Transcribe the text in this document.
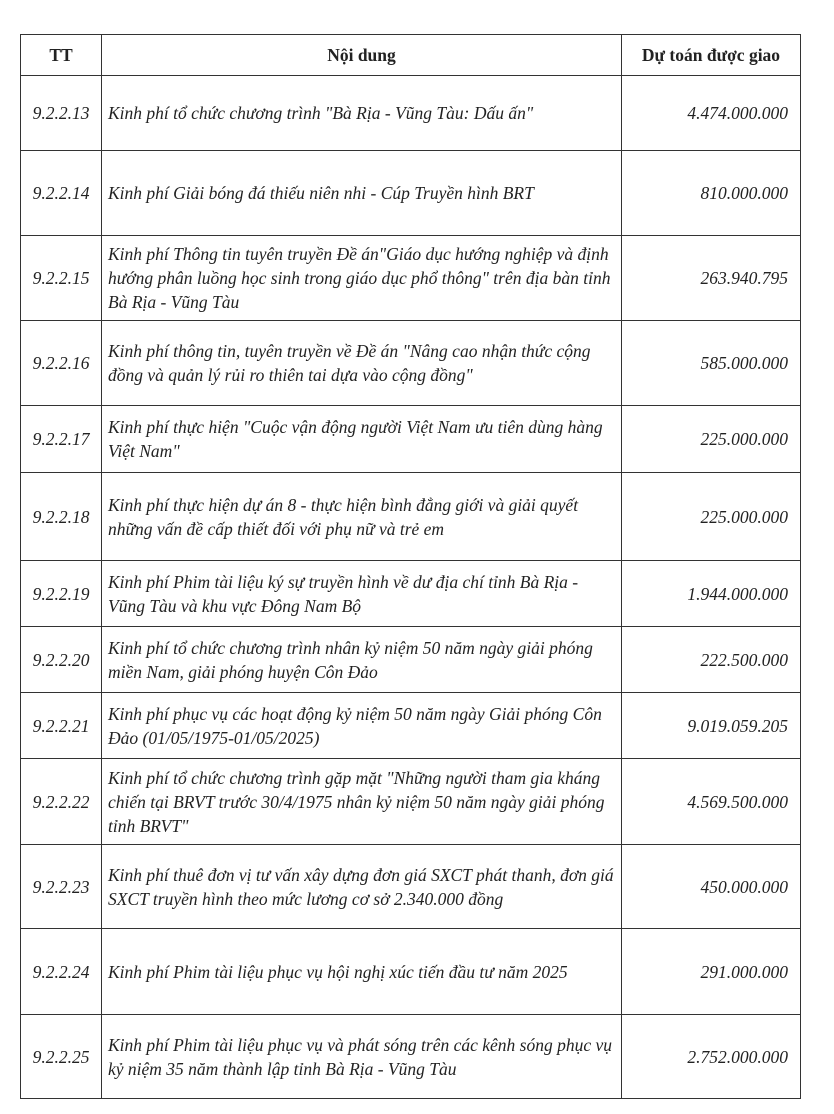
TT	Nội dung	Dự toán được giao
9.2.2.13	Kinh phí tổ chức chương trình "Bà Rịa - Vũng Tàu: Dấu ấn"	4.474.000.000
9.2.2.14	Kinh phí Giải bóng đá thiếu niên nhi - Cúp Truyền hình BRT	810.000.000
9.2.2.15	Kinh phí Thông tin tuyên truyền Đề án"Giáo dục hướng nghiệp và định hướng phân luồng học sinh trong giáo dục phổ thông" trên địa bàn tỉnh Bà Rịa - Vũng Tàu	263.940.795
9.2.2.16	Kinh phí thông tin, tuyên truyền về Đề án "Nâng cao nhận thức cộng đồng và quản lý rủi ro thiên tai dựa vào cộng đồng"	585.000.000
9.2.2.17	Kinh phí thực hiện "Cuộc vận động người Việt Nam ưu tiên dùng hàng Việt Nam"	225.000.000
9.2.2.18	Kinh phí thực hiện dự án 8 - thực hiện bình đẳng giới và giải quyết những vấn đề cấp thiết đối với phụ nữ và trẻ em	225.000.000
9.2.2.19	Kinh phí Phim tài liệu ký sự truyền hình về dư địa chí tỉnh Bà Rịa - Vũng Tàu và khu vực Đông Nam Bộ	1.944.000.000
9.2.2.20	Kinh phí tổ chức chương trình nhân kỷ niệm 50 năm ngày giải phóng miền Nam, giải phóng huyện Côn Đảo	222.500.000
9.2.2.21	Kinh phí phục vụ các hoạt động kỷ niệm 50 năm ngày Giải phóng Côn Đảo (01/05/1975-01/05/2025)	9.019.059.205
9.2.2.22	Kinh phí tổ chức chương trình gặp mặt "Những người tham gia kháng chiến tại BRVT trước 30/4/1975 nhân kỷ niệm 50 năm ngày giải phóng tỉnh BRVT"	4.569.500.000
9.2.2.23	Kinh phí thuê đơn vị tư vấn xây dựng đơn giá SXCT phát thanh, đơn giá SXCT truyền hình theo mức lương cơ sở 2.340.000 đồng	450.000.000
9.2.2.24	Kinh phí Phim tài liệu phục vụ hội nghị xúc tiến đầu tư năm 2025	291.000.000
9.2.2.25	Kinh phí Phim tài liệu phục vụ và phát sóng trên các kênh sóng phục vụ kỷ niệm 35 năm thành lập tỉnh Bà Rịa - Vũng Tàu	2.752.000.000
